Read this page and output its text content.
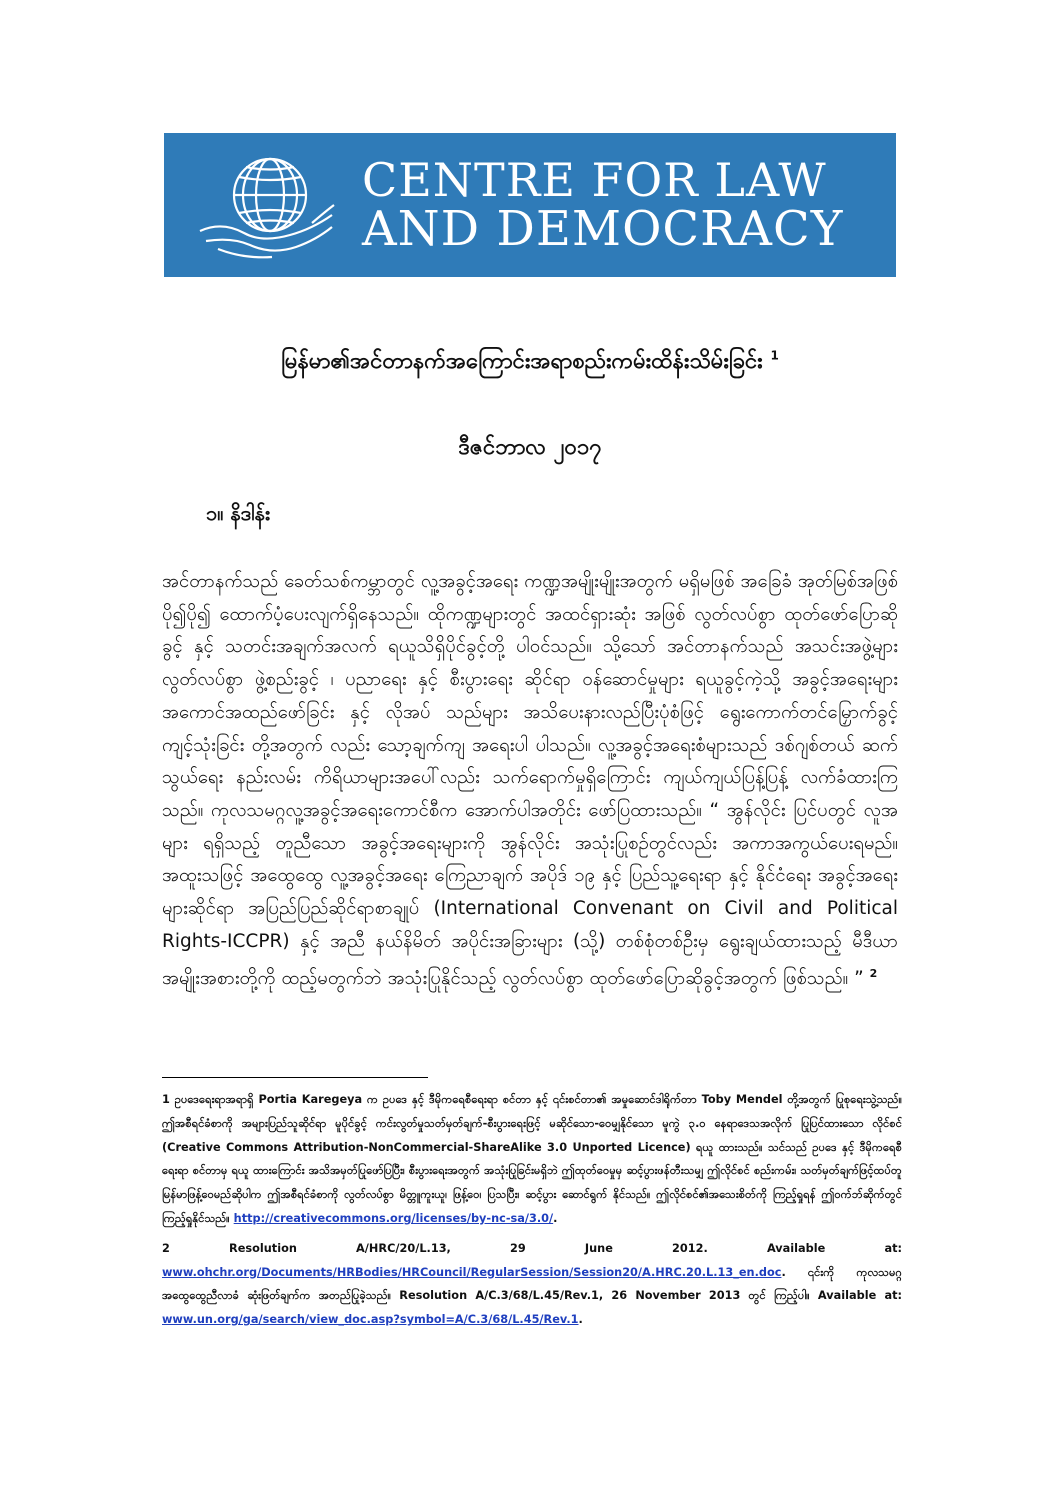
CENTRE FOR LAW
AND DEMOCRACY
မြန်မာ၏အင်တာနက်အကြောင်းအရာစည်းကမ်းထိန်းသိမ်းခြင်း $^1$
ဒီဇင်ဘာလ ၂၀၁၇
၁။ နိဒါန်း

အင်တာနက်သည် ခေတ်သစ်ကမ္ဘာတွင် လူ့အခွင့်အရေး ကဏ္ဍအမျိုးမျိုးအတွက် မရှိမဖြစ် အခြေခံ အုတ်မြစ်အဖြစ် ပို၍ပို၍ ထောက်ပံ့ပေးလျက်ရှိနေသည်။ ထိုကဏ္ဍများတွင် အထင်ရှားဆုံး အဖြစ် လွတ်လပ်စွာ ထုတ်ဖော်ပြောဆိုခွင့် နှင့် သတင်းအချက်အလက် ရယူသိရှိပိုင်ခွင့်တို့ ပါဝင်သည်။ သို့သော် အင်တာနက်သည် အသင်းအဖွဲ့များ လွတ်လပ်စွာ ဖွဲ့စည်းခွင့် ၊ ပညာရေး နှင့် စီးပွားရေး ဆိုင်ရာ ဝန်ဆောင်မှုများ ရယူခွင့်ကဲ့သို့ အခွင့်အရေးများ အကောင်အထည်ဖော်ခြင်း နှင့် လိုအပ် သည်များ အသိပေးနားလည်ပြီးပုံစံဖြင့် ရွေးကောက်တင်မြှောက်ခွင့် ကျင့်သုံးခြင်း တို့အတွက် လည်း သော့ချက်ကျ အရေးပါ ပါသည်။ လူ့အခွင့်အရေးစံများသည် ဒစ်ဂျစ်တယ် ဆက်သွယ်ရေး နည်းလမ်း ကိရိယာများအပေါ်လည်း သက်ရောက်မှုရှိကြောင်း ကျယ်ကျယ်ပြန့်ပြန့် လက်ခံထားကြ သည်။ ကုလသမဂ္ဂလူ့အခွင့်အရေးကောင်စီက အောက်ပါအတိုင်း ဖော်ပြထားသည်။ “ အွန်လိုင်း ပြင်ပတွင် လူအများ ရရှိသည့် တူညီသော အခွင့်အရေးများကို အွန်လိုင်း အသုံးပြုစဉ်တွင်လည်း အကာအကွယ်ပေးရမည်။ အထူးသဖြင့် အထွေထွေ လူ့အခွင့်အရေး ကြေညာချက် အပိုဒ် ၁၉ နှင့် ပြည်သူ့ရေးရာ နှင့် နိုင်ငံရေး အခွင့်အရေးများဆိုင်ရာ အပြည်ပြည်ဆိုင်ရာစာချုပ် (International Convenant on Civil and Political Rights-ICCPR) နှင့် အညီ နယ်နိမိတ် အပိုင်းအခြားများ (သို့) တစ်စုံတစ်ဦးမှ ရွေးချယ်ထားသည့် မီဒီယာအမျိုးအစားတို့ကို ထည့်မတွက်ဘဲ အသုံးပြုနိုင်သည့် လွတ်လပ်စွာ ထုတ်ဖော်ပြောဆိုခွင့်အတွက် ဖြစ်သည်။ ” $^2$

1 ဥပဒေရေးရာအရာရှိ Portia Karegeya က ဥပဒေ နှင့် ဒီမိုကရေစီရေးရာ စင်တာ နှင့် ၎င်းစင်တာ၏ အမှုဆောင်ဒါရိုက်တာ Toby Mendel တို့အတွက် ပြုစုရေးသွဲ့သည်။ ဤအစီရင်ခံစာကို အများပြည်သူဆိုင်ရာ မူပိုင်ခွင့် ကင်းလွတ်မှုသတ်မှတ်ချက်-စီးပွားရေးဖြင့် မဆိုင်သော-ဝေမျှနိုင်သော မူကွဲ ၃.၀ နေရာဒေသအလိုက် ပြုပြင်ထားသော လိုင်စင် (Creative Commons Attribution-NonCommercial-ShareAlike 3.0 Unported Licence) ရယူ ထားသည်။ သင်သည် ဥပဒေ နှင့် ဒီမိုကရေစီ ရေးရာ စင်တာမှ ရယူ ထားကြောင်း အသိအမှတ်ပြုဖော်ပြပြီး၊ စီးပွားရေးအတွက် အသုံးပြုခြင်းမရှိဘဲ ဤထုတ်ဝေမှုမှ ဆင့်ပွားဖန်တီးသမျှ ဤလိုင်စင် စည်းကမ်း၊ သတ်မှတ်ချက်ဖြင့်ထပ်တူ မြန်မာဖြန့်ဝေမည်ဆိုပါက ဤအစီရင်ခံစာကို လွတ်လပ်စွာ မိတ္တူကူးယူ၊ ဖြန့်ဝေ၊ ပြသပြီး၊ ဆင့်ပွား ဆောင်ရွက် နိုင်သည်။ ဤလိုင်စင်၏အသေးစိတ်ကို ကြည့်ရှုရန် ဤဝက်ဘ်ဆိုက်တွင် ကြည့်ရှုနိုင်သည်။ http://creativecommons.org/licenses/by-nc-sa/3.0/.

2 Resolution A/HRC/20/L.13, 29 June 2012. Available at: www.ohchr.org/Documents/HRBodies/HRCouncil/RegularSession/Session20/A.HRC.20.L.13_en.doc. ၎င်းကို ကုလသမဂ္ဂအထွေထွေညီလာခံ ဆုံးဖြတ်ချက်က အတည်ပြုခဲ့သည်။ Resolution A/C.3/68/L.45/Rev.1, 26 November 2013 တွင် ကြည့်ပါ။ Available at: www.un.org/ga/search/view_doc.asp?symbol=A/C.3/68/L.45/Rev.1.
